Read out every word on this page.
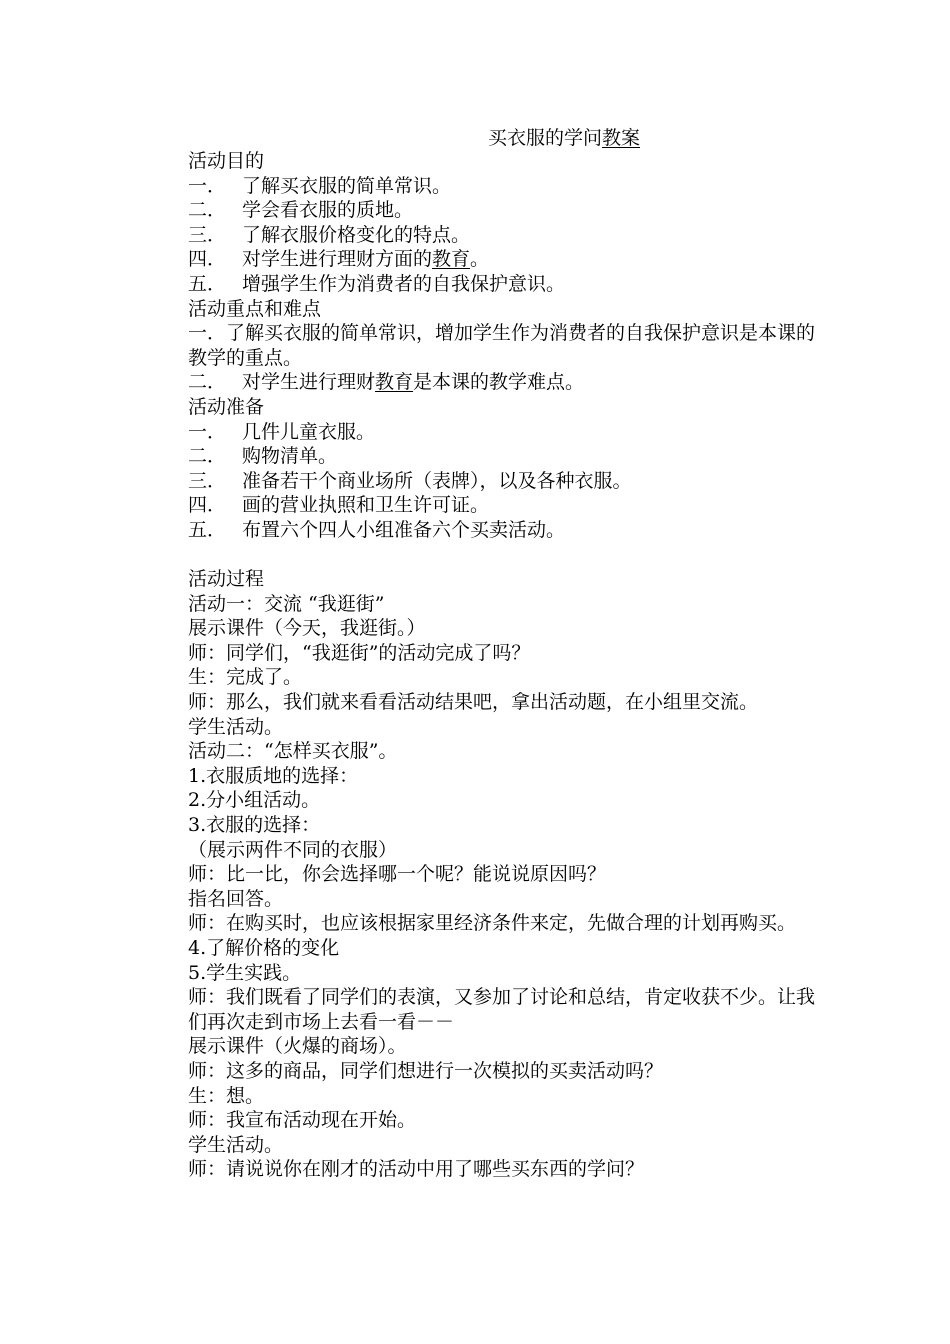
买衣服的学问教案
活动目的
一． 了解买衣服的简单常识。
二． 学会看衣服的质地。
三． 了解衣服价格变化的特点。
四． 对学生进行理财方面的教育。
五． 增强学生作为消费者的自我保护意识。
活动重点和难点
一．了解买衣服的简单常识，增加学生作为消费者的自我保护意识是本课的教学的重点。
二． 对学生进行理财教育是本课的教学难点。
活动准备
一． 几件儿童衣服。
二． 购物清单。
三． 准备若干个商业场所（表牌），以及各种衣服。
四． 画的营业执照和卫生许可证。
五． 布置六个四人小组准备六个买卖活动。
活动过程
活动一：交流 “我逛街”
展示课件（今天，我逛街。）
师：同学们，“我逛街”的活动完成了吗？
生：完成了。
师：那么，我们就来看看活动结果吧，拿出活动题，在小组里交流。
学生活动。
活动二：“怎样买衣服”。
1.衣服质地的选择：
2.分小组活动。
3.衣服的选择：
（展示两件不同的衣服）
师：比一比，你会选择哪一个呢？能说说原因吗？
指名回答。
师：在购买时，也应该根据家里经济条件来定，先做合理的计划再购买。
4.了解价格的变化
5.学生实践。
师：我们既看了同学们的表演，又参加了讨论和总结，肯定收获不少。让我们再次走到市场上去看一看－－
展示课件（火爆的商场）。
师：这多的商品，同学们想进行一次模拟的买卖活动吗？
生：想。
师：我宣布活动现在开始。
学生活动。
师：请说说你在刚才的活动中用了哪些买东西的学问？
